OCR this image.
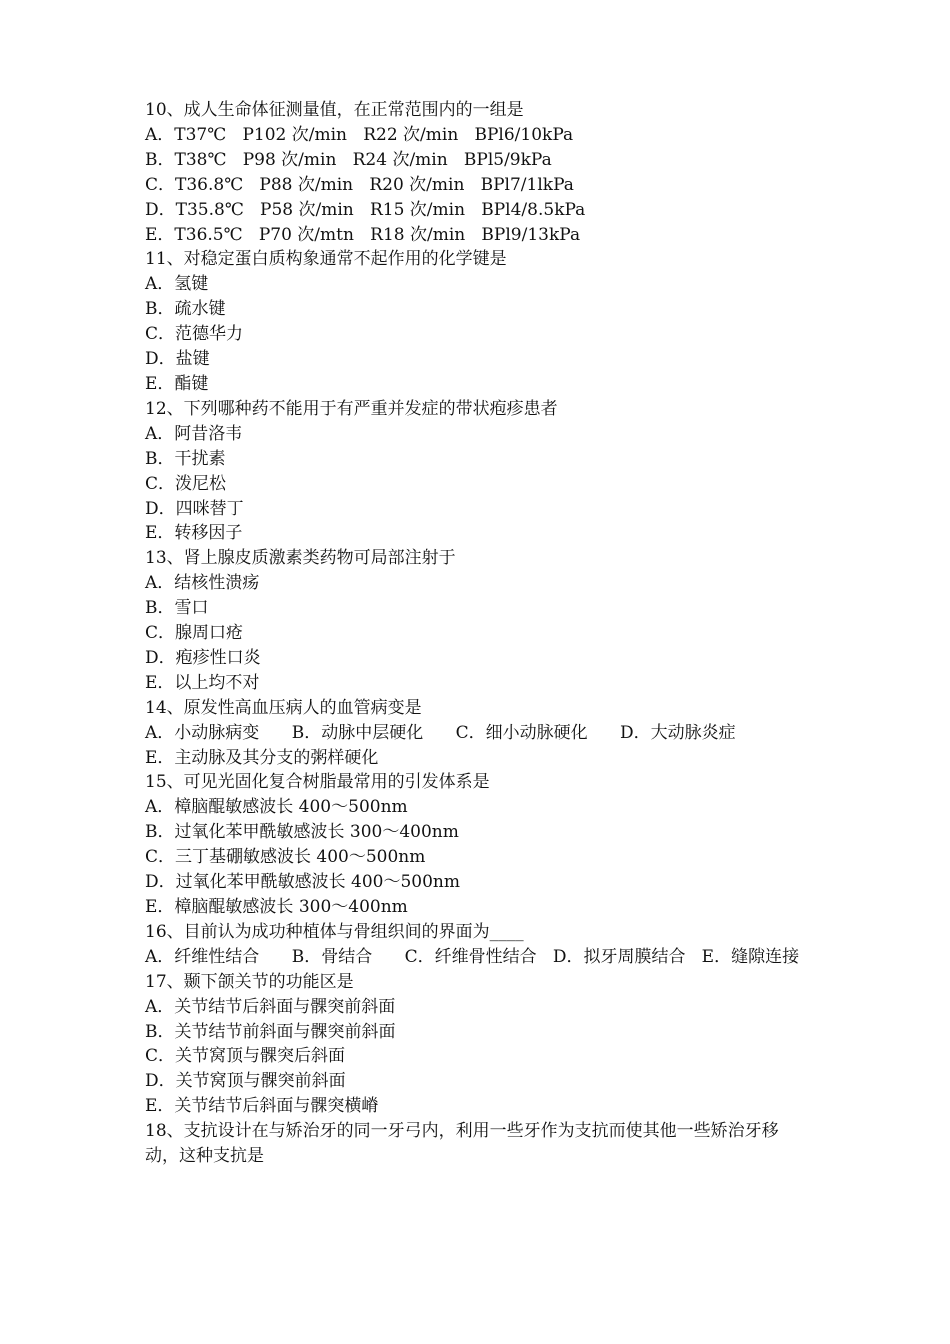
10、成人生命体征测量值，在正常范围内的一组是
A．T37℃   P102 次/min   R22 次/min   BPl6/10kPa
B．T38℃   P98 次/min   R24 次/min   BPl5/9kPa
C．T36.8℃   P88 次/min   R20 次/min   BPl7/1lkPa
D．T35.8℃   P58 次/min   R15 次/min   BPl4/8.5kPa
E．T36.5℃   P70 次/mtn   R18 次/min   BPl9/13kPa
11、对稳定蛋白质构象通常不起作用的化学键是
A．氢键
B．疏水键
C．范德华力
D．盐键
E．酯键
12、下列哪种药不能用于有严重并发症的带状疱疹患者
A．阿昔洛韦
B．干扰素
C．泼尼松
D．四咪替丁
E．转移因子
13、肾上腺皮质激素类药物可局部注射于
A．结核性溃疡
B．雪口
C．腺周口疮
D．疱疹性口炎
E．以上均不对
14、原发性高血压病人的血管病变是
A．小动脉病变      B．动脉中层硬化      C．细小动脉硬化      D．大动脉炎症
E．主动脉及其分支的粥样硬化
15、可见光固化复合树脂最常用的引发体系是
A．樟脑醌敏感波长 400～500nm
B．过氧化苯甲酰敏感波长 300～400nm
C．三丁基硼敏感波长 400～500nm
D．过氧化苯甲酰敏感波长 400～500nm
E．樟脑醌敏感波长 300～400nm
16、目前认为成功种植体与骨组织间的界面为____
A．纤维性结合      B．骨结合      C．纤维骨性结合   D．拟牙周膜结合   E．缝隙连接
17、颞下颌关节的功能区是
A．关节结节后斜面与髁突前斜面
B．关节结节前斜面与髁突前斜面
C．关节窝顶与髁突后斜面
D．关节窝顶与髁突前斜面
E．关节结节后斜面与髁突横嵴
18、支抗设计在与矫治牙的同一牙弓内，利用一些牙作为支抗而使其他一些矫治牙移动，这种支抗是
